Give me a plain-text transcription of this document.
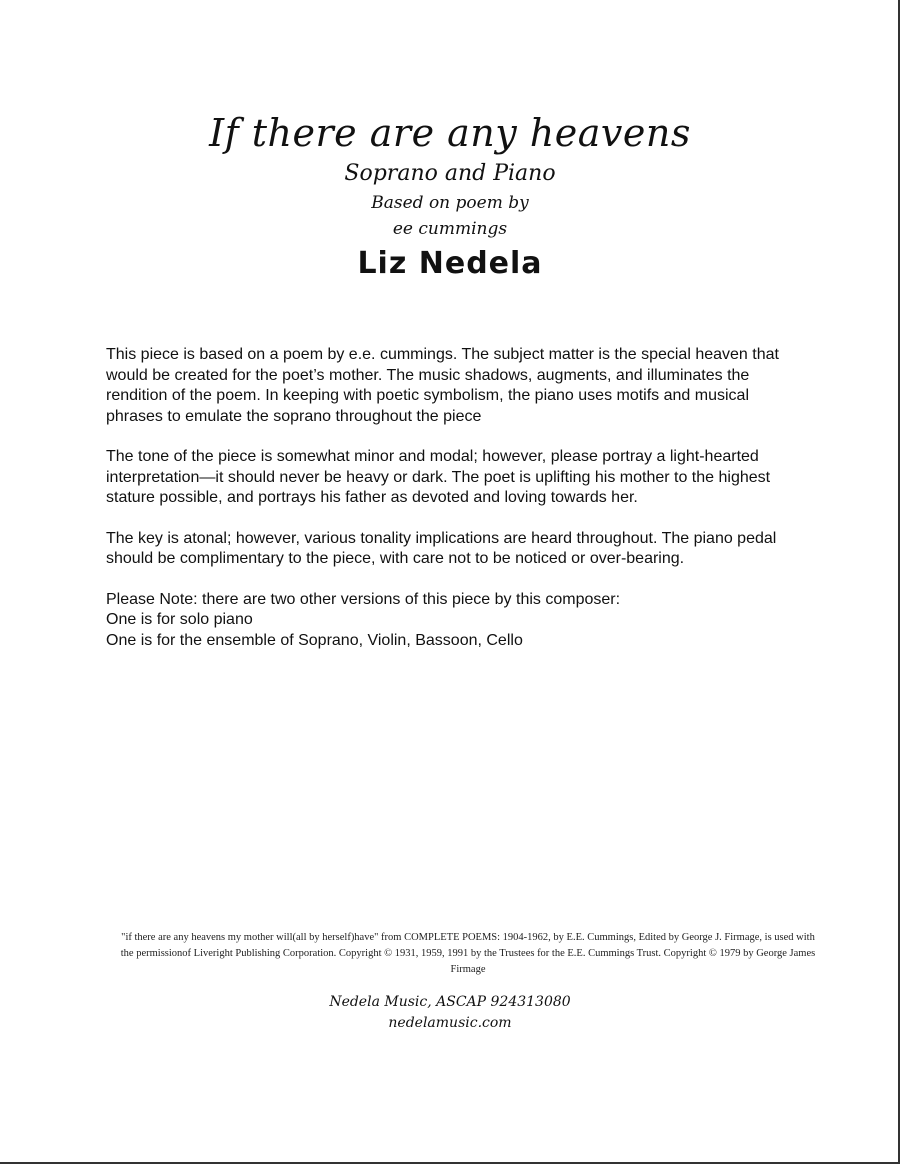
If there are any heavens
Soprano and Piano
Based on poem by
ee cummings
Liz Nedela

This piece is based on a poem by e.e. cummings. The subject matter is the special heaven that would be created for the poet’s mother. The music shadows, augments, and illuminates the rendition of the poem. In keeping with poetic symbolism, the piano uses motifs and musical phrases to emulate the soprano throughout the piece

The tone of the piece is somewhat minor and modal; however, please portray a light-hearted interpretation—it should never be heavy or dark. The poet is uplifting his mother to the highest stature possible, and portrays his father as devoted and loving towards her.

The key is atonal; however, various tonality implications are heard throughout. The piano pedal should be complimentary to the piece, with care not to be noticed or over-bearing.

Please Note: there are two other versions of this piece by this composer:
One is for solo piano
One is for the ensemble of Soprano, Violin, Bassoon, Cello

"if there are any heavens my mother will(all by herself)have" from COMPLETE POEMS: 1904-1962, by E.E. Cummings, Edited by George J. Firmage, is used with the permissionof Liveright Publishing Corporation. Copyright © 1931, 1959, 1991 by the Trustees for the E.E. Cummings Trust. Copyright © 1979 by George James Firmage
Nedela Music, ASCAP 924313080
nedelamusic.com
